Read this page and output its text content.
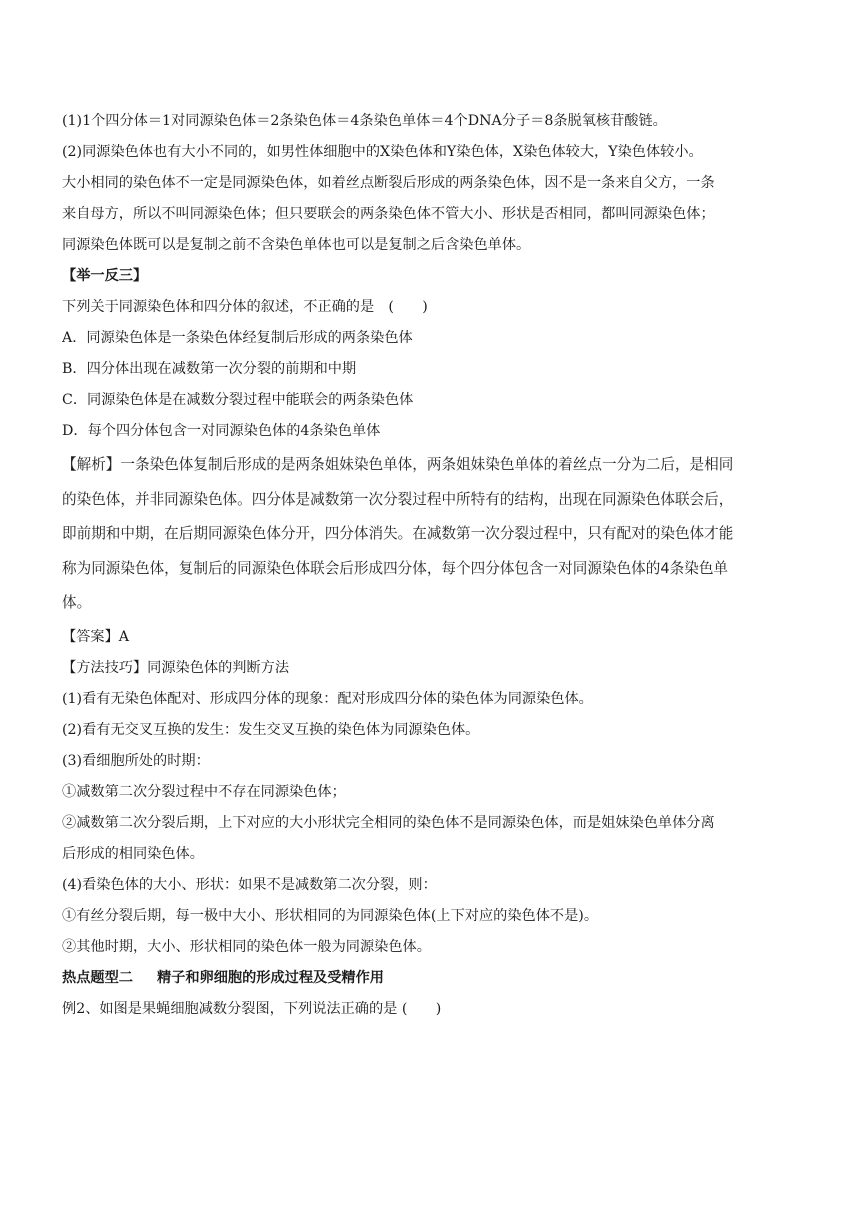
(1)1个四分体＝1对同源染色体＝2条染色体＝4条染色单体＝4个DNA分子＝8条脱氧核苷酸链。
(2)同源染色体也有大小不同的，如男性体细胞中的X染色体和Y染色体，X染色体较大，Y染色体较小。
大小相同的染色体不一定是同源染色体，如着丝点断裂后形成的两条染色体，因不是一条来自父方，一条
来自母方，所以不叫同源染色体；但只要联会的两条染色体不管大小、形状是否相同，都叫同源染色体；
同源染色体既可以是复制之前不含染色单体也可以是复制之后含染色单体。
【举一反三】
下列关于同源染色体和四分体的叙述，不正确的是　(　　)
A．同源染色体是一条染色体经复制后形成的两条染色体
B．四分体出现在减数第一次分裂的前期和中期
C．同源染色体是在减数分裂过程中能联会的两条染色体
D．每个四分体包含一对同源染色体的4条染色单体
【解析】一条染色体复制后形成的是两条姐妹染色单体，两条姐妹染色单体的着丝点一分为二后，是相同
的染色体，并非同源染色体。四分体是减数第一次分裂过程中所特有的结构，出现在同源染色体联会后，
即前期和中期，在后期同源染色体分开，四分体消失。在减数第一次分裂过程中，只有配对的染色体才能
称为同源染色体，复制后的同源染色体联会后形成四分体，每个四分体包含一对同源染色体的4条染色单
体。
【答案】A
【方法技巧】同源染色体的判断方法
(1)看有无染色体配对、形成四分体的现象：配对形成四分体的染色体为同源染色体。
(2)看有无交叉互换的发生：发生交叉互换的染色体为同源染色体。
(3)看细胞所处的时期：
①减数第二次分裂过程中不存在同源染色体；
②减数第二次分裂后期，上下对应的大小形状完全相同的染色体不是同源染色体，而是姐妹染色单体分离
后形成的相同染色体。
(4)看染色体的大小、形状：如果不是减数第二次分裂，则：
①有丝分裂后期，每一极中大小、形状相同的为同源染色体(上下对应的染色体不是)。
②其他时期，大小、形状相同的染色体一般为同源染色体。
热点题型二 精子和卵细胞的形成过程及受精作用
例2、如图是果蝇细胞减数分裂图，下列说法正确的是 (　　)
